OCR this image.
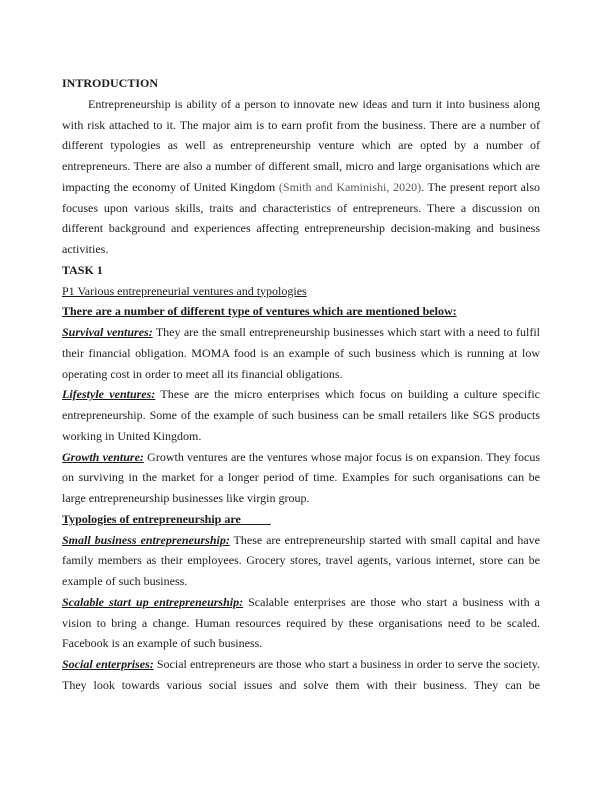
INTRODUCTION

Entrepreneurship is ability of a person to innovate new ideas and turn it into business along with risk attached to it. The major aim is to earn profit from the business. There are a number of different typologies as well as entrepreneurship venture which are opted by a number of entrepreneurs. There are also a number of different small, micro and large organisations which are impacting the economy of United Kingdom (Smith and Kaminishi, 2020). The present report also focuses upon various skills, traits and characteristics of entrepreneurs. There a discussion on different background and experiences affecting entrepreneurship decision-making and business activities.

TASK 1

P1 Various entrepreneurial ventures and typologies

There are a number of different type of ventures which are mentioned below:

Survival ventures: They are the small entrepreneurship businesses which start with a need to fulfil their financial obligation. MOMA food is an example of such business which is running at low operating cost in order to meet all its financial obligations.

Lifestyle ventures: These are the micro enterprises which focus on building a culture specific entrepreneurship. Some of the example of such business can be small retailers like SGS products working in United Kingdom.

Growth venture: Growth ventures are the ventures whose major focus is on expansion. They focus on surviving in the market for a longer period of time. Examples for such organisations can be large entrepreneurship businesses like virgin group.

Typologies of entrepreneurship are

Small business entrepreneurship: These are entrepreneurship started with small capital and have family members as their employees. Grocery stores, travel agents, various internet, store can be example of such business.

Scalable start up entrepreneurship: Scalable enterprises are those who start a business with a vision to bring a change. Human resources required by these organisations need to be scaled. Facebook is an example of such business.

Social enterprises: Social entrepreneurs are those who start a business in order to serve the society. They look towards various social issues and solve them with their business. They can be
